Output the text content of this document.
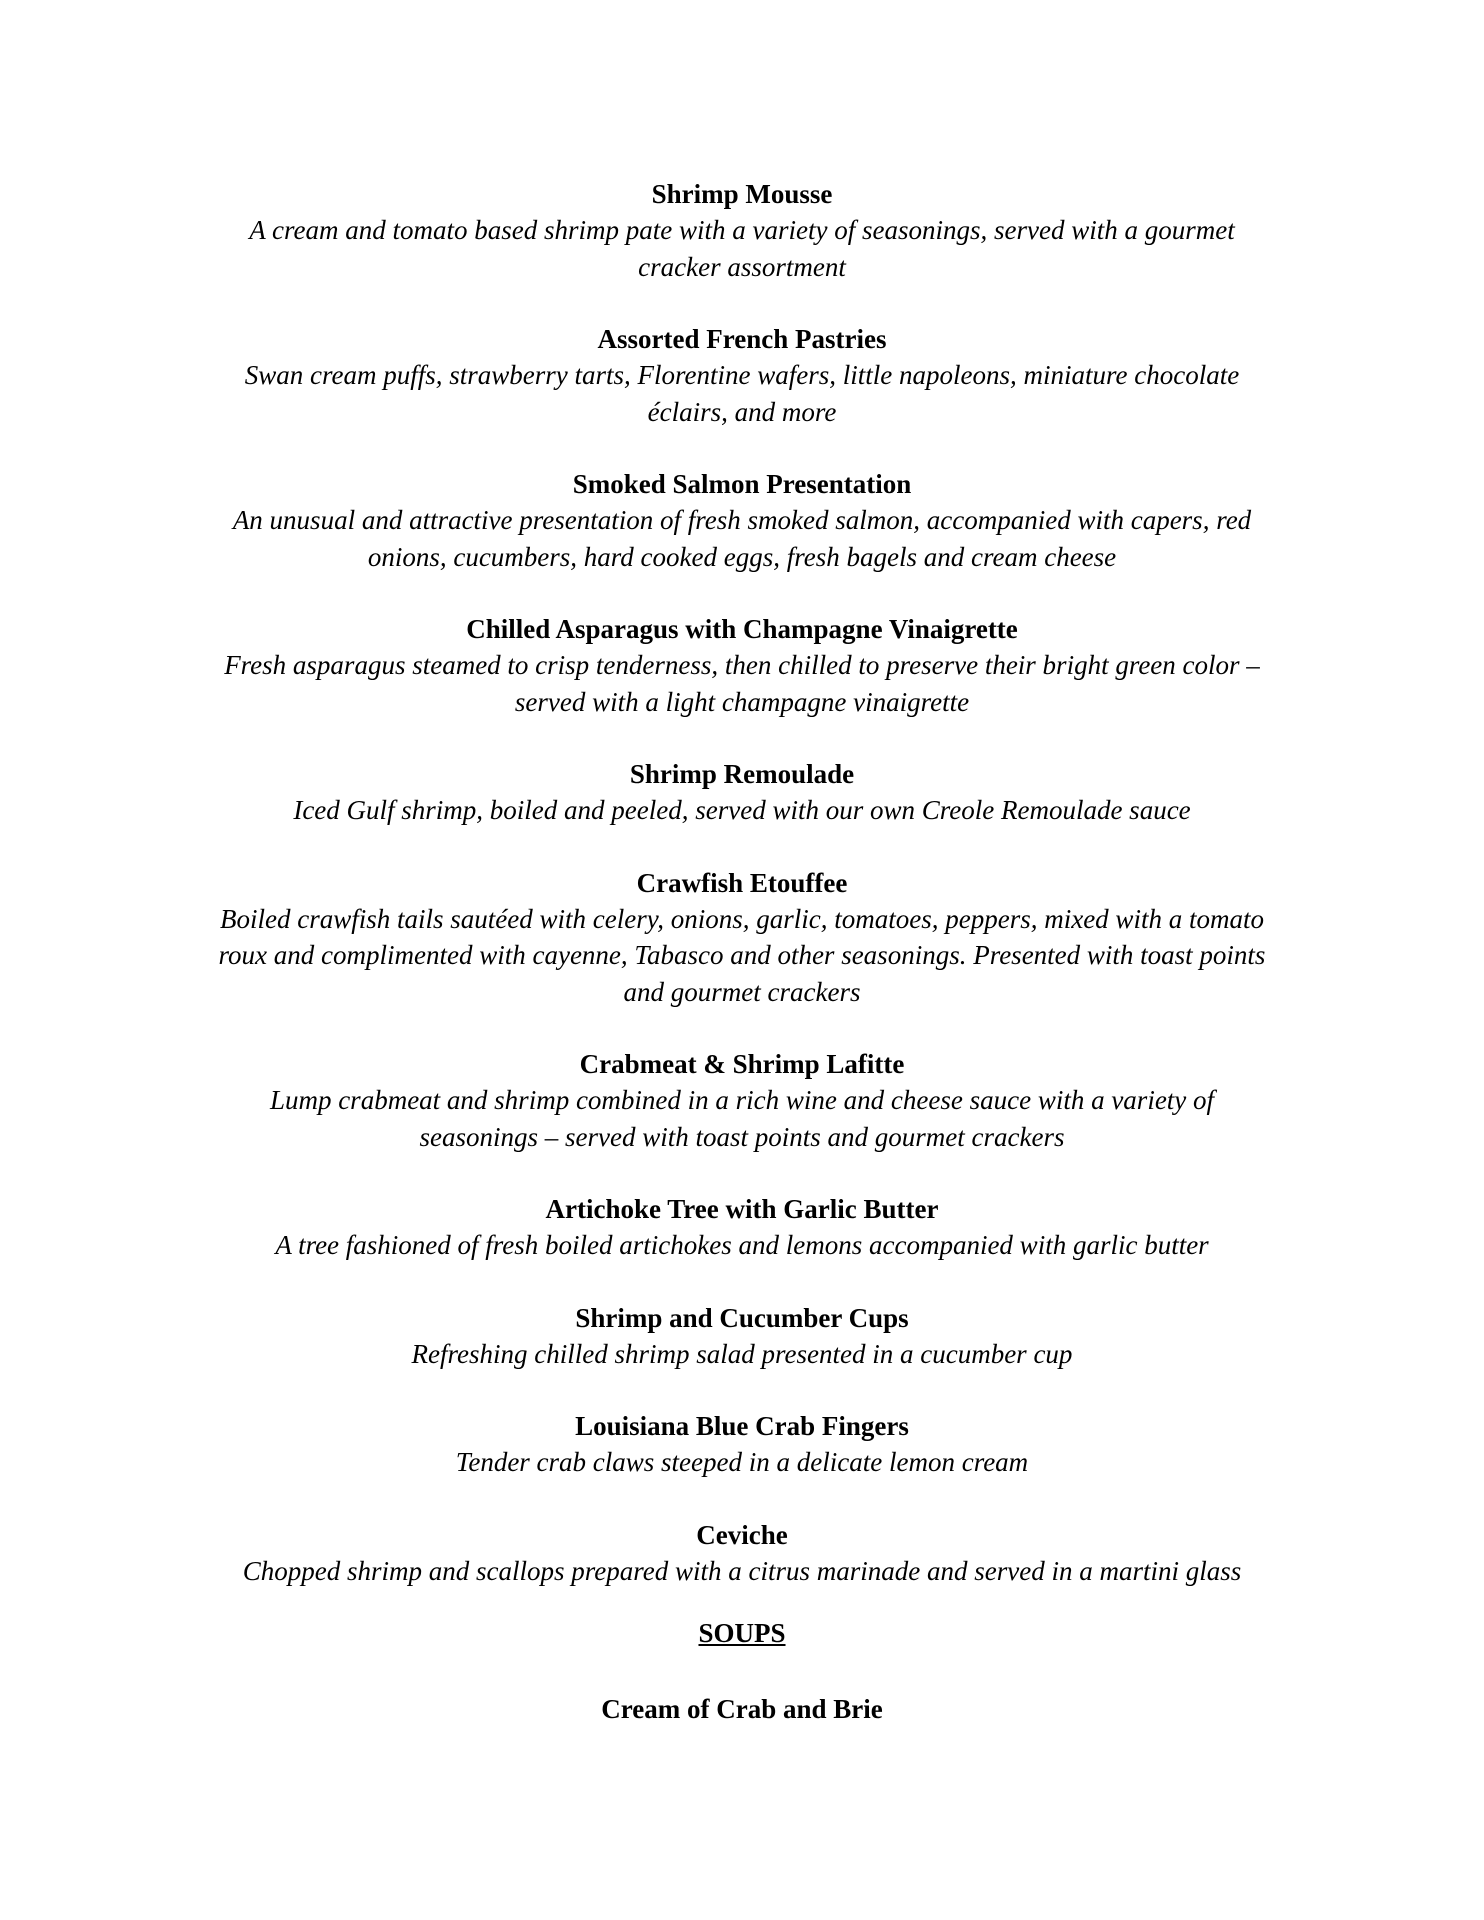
Shrimp Mousse

A cream and tomato based shrimp pate with a variety of seasonings, served with a gourmet

cracker assortment

Assorted French Pastries

Swan cream puffs, strawberry tarts, Florentine wafers, little napoleons, miniature chocolate

éclairs, and more

Smoked Salmon Presentation

An unusual and attractive presentation of fresh smoked salmon, accompanied with capers, red

onions, cucumbers, hard cooked eggs, fresh bagels and cream cheese

Chilled Asparagus with Champagne Vinaigrette

Fresh asparagus steamed to crisp tenderness, then chilled to preserve their bright green color –

served with a light champagne vinaigrette

Shrimp Remoulade

Iced Gulf shrimp, boiled and peeled, served with our own Creole Remoulade sauce

Crawfish Etouffee

Boiled crawfish tails sautéed with celery, onions, garlic, tomatoes, peppers, mixed with a tomato

roux and complimented with cayenne, Tabasco and other seasonings. Presented with toast points

and gourmet crackers

Crabmeat & Shrimp Lafitte

Lump crabmeat and shrimp combined in a rich wine and cheese sauce with a variety of

seasonings – served with toast points and gourmet crackers

Artichoke Tree with Garlic Butter

A tree fashioned of fresh boiled artichokes and lemons accompanied with garlic butter

Shrimp and Cucumber Cups

Refreshing chilled shrimp salad presented in a cucumber cup

Louisiana Blue Crab Fingers

Tender crab claws steeped in a delicate lemon cream

Ceviche

Chopped shrimp and scallops prepared with a citrus marinade and served in a martini glass

SOUPS

Cream of Crab and Brie
